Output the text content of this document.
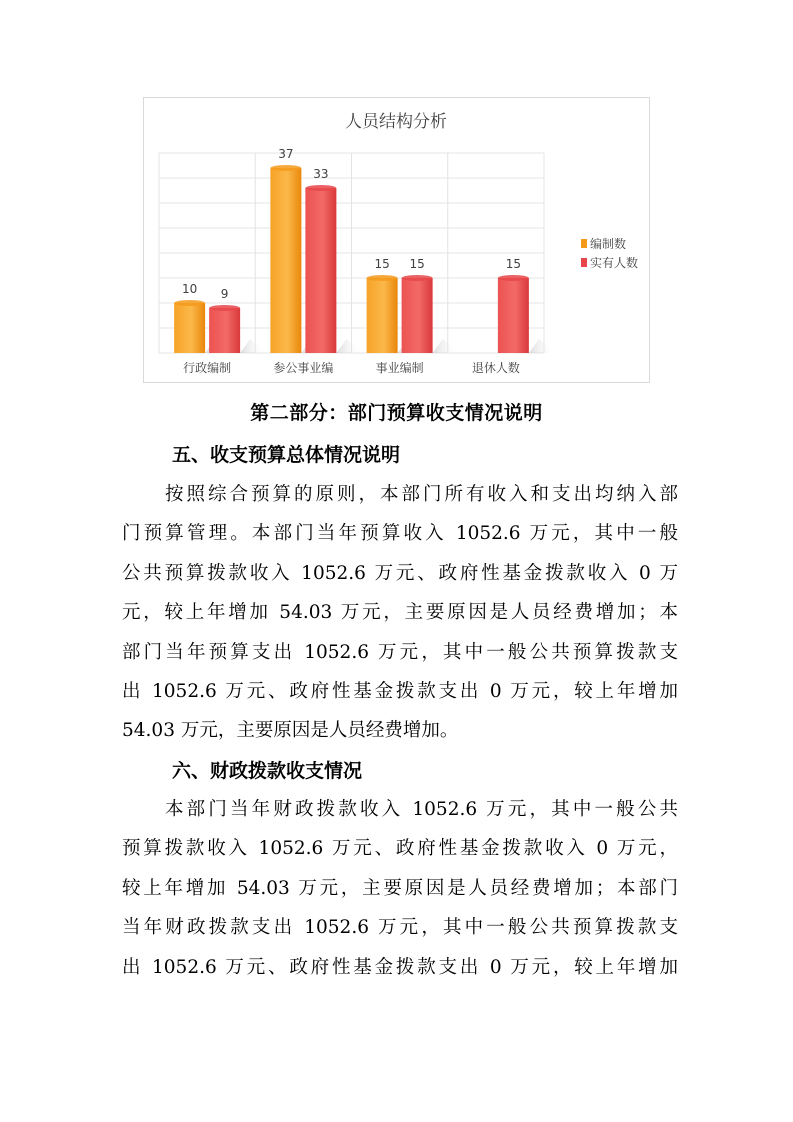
人员结构分析
10 9
行政编制
37
33
参公事业编
15 15
事业编制
15
退休人数
编制数
实有人数
第二部分：部门预算收支情况说明
五、收支预算总体情况说明
按照综合预算的原则，本部门所有收入和支出均纳入部
门预算管理。本部门当年预算收入 1052.6 万元，其中一般
公共预算拨款收入 1052.6 万元、政府性基金拨款收入 0 万
元，较上年增加 54.03 万元，主要原因是人员经费增加；本
部门当年预算支出 1052.6 万元，其中一般公共预算拨款支
出 1052.6 万元、政府性基金拨款支出 0 万元，较上年增加
54.03 万元，主要原因是人员经费增加。
六、财政拨款收支情况
本部门当年财政拨款收入 1052.6 万元，其中一般公共
预算拨款收入 1052.6 万元、政府性基金拨款收入 0 万元，
较上年增加 54.03 万元，主要原因是人员经费增加；本部门
当年财政拨款支出 1052.6 万元，其中一般公共预算拨款支
出 1052.6 万元、政府性基金拨款支出 0 万元，较上年增加
